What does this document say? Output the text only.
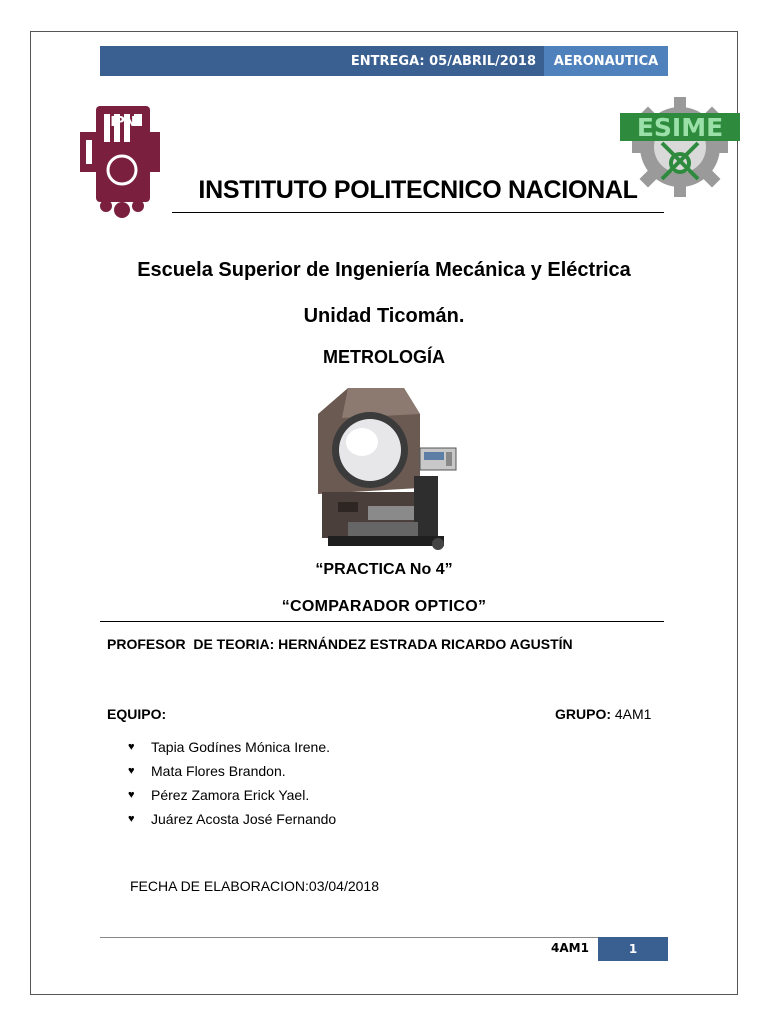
ENTREGA: 05/ABRIL/2018	AERONAUTICA
IPN	ESIME
INSTITUTO POLITECNICO NACIONAL
Escuela Superior de Ingeniería Mecánica y Eléctrica
Unidad Ticomán.
METROLOGÍA
“PRACTICA No 4”
“COMPARADOR OPTICO”
PROFESOR  DE TEORIA: HERNÁNDEZ ESTRADA RICARDO AGUSTÍN
EQUIPO:	GRUPO: 4AM1
♥	Tapia Godínes Mónica Irene.
♥	Mata Flores Brandon.
♥	Pérez Zamora Erick Yael.
♥	Juárez Acosta José Fernando
FECHA DE ELABORACION:03/04/2018
4AM1	1
